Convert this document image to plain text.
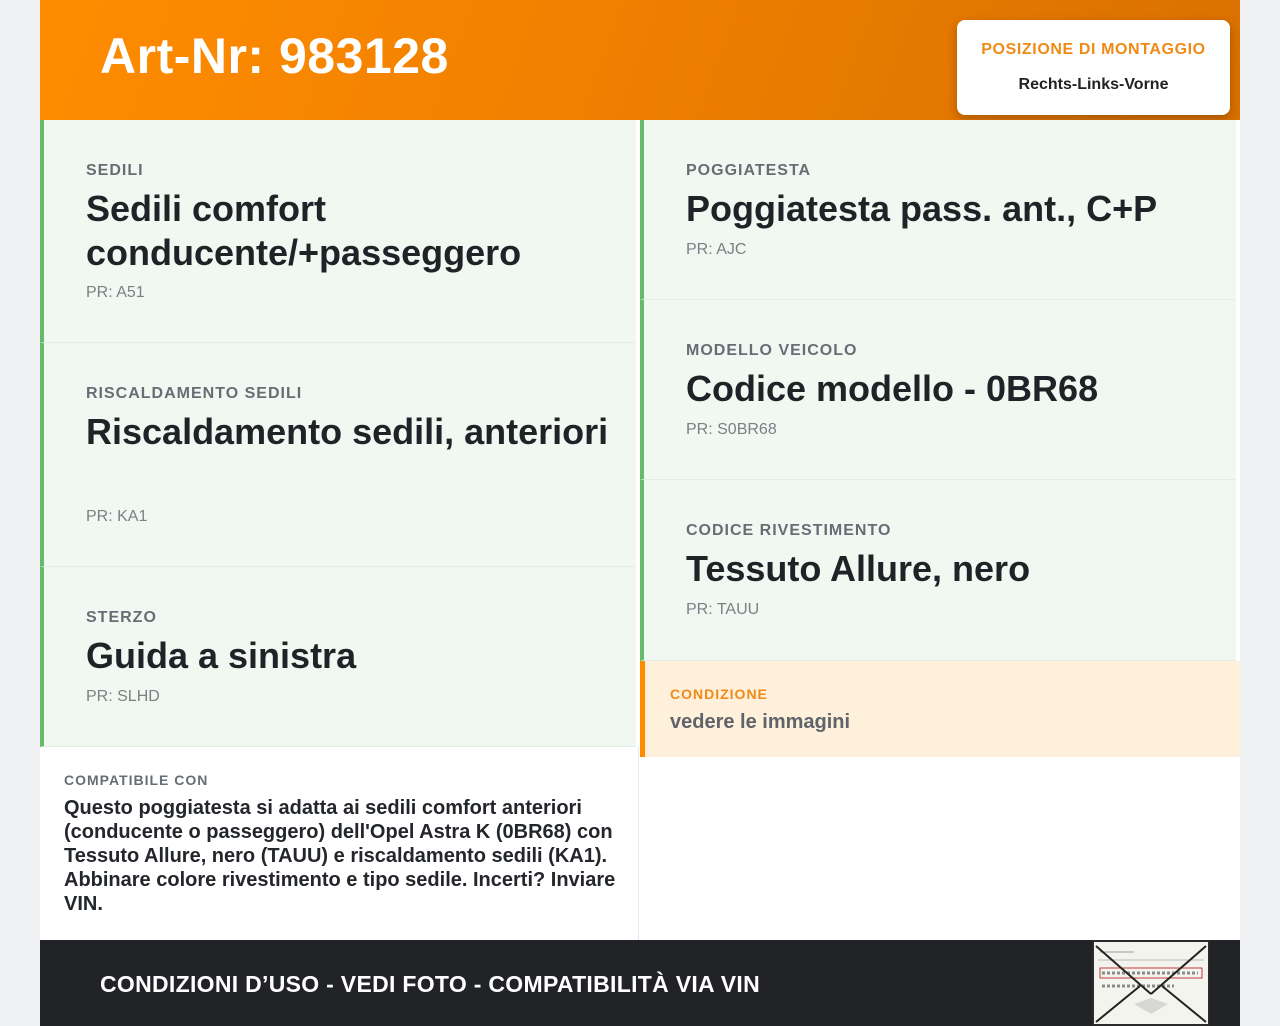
Art-Nr: 983128	POSIZIONE DI MONTAGGIO
Rechts-Links-Vorne
SEDILI
Sedili comfort conducente/+passeggero
PR: A51
RISCALDAMENTO SEDILI
Riscaldamento sedili, anteriori
PR: KA1
STERZO
Guida a sinistra
PR: SLHD
POGGIATESTA
Poggiatesta pass. ant., C+P
PR: AJC
MODELLO VEICOLO
Codice modello - 0BR68
PR: S0BR68
CODICE RIVESTIMENTO
Tessuto Allure, nero
PR: TAUU
CONDIZIONE
vedere le immagini
COMPATIBILE CON
Questo poggiatesta si adatta ai sedili comfort anteriori (conducente o passeggero) dell'Opel Astra K (0BR68) con Tessuto Allure, nero (TAUU) e riscaldamento sedili (KA1). Abbinare colore rivestimento e tipo sedile. Incerti? Inviare VIN.
CONDIZIONI D’USO - VEDI FOTO - COMPATIBILITÀ VIA VIN
